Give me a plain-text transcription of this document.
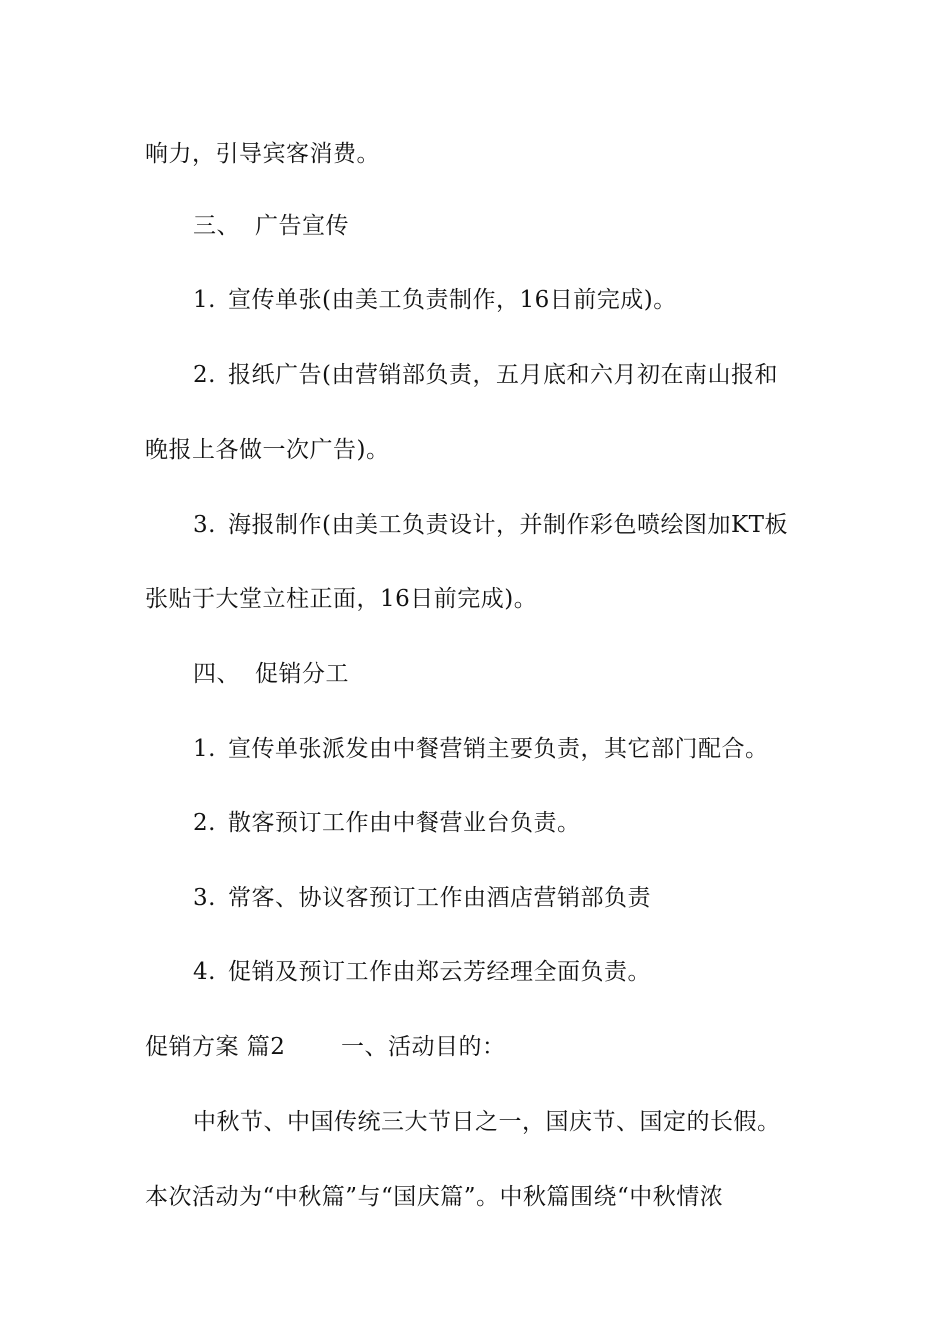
响力，引导宾客消费。
三、 广告宣传
1. 宣传单张(由美工负责制作，16日前完成)。
2. 报纸广告(由营销部负责，五月底和六月初在南山报和
晚报上各做一次广告)。
3. 海报制作(由美工负责设计，并制作彩色喷绘图加KT板
张贴于大堂立柱正面，16日前完成)。
四、 促销分工
1. 宣传单张派发由中餐营销主要负责，其它部门配合。
2. 散客预订工作由中餐营业台负责。
3. 常客、协议客预订工作由酒店营销部负责
4. 促销及预订工作由郑云芳经理全面负责。
促销方案 篇2 一、活动目的：
中秋节、中国传统三大节日之一，国庆节、国定的长假。
本次活动为“中秋篇”与“国庆篇”。中秋篇围绕“中秋情浓
